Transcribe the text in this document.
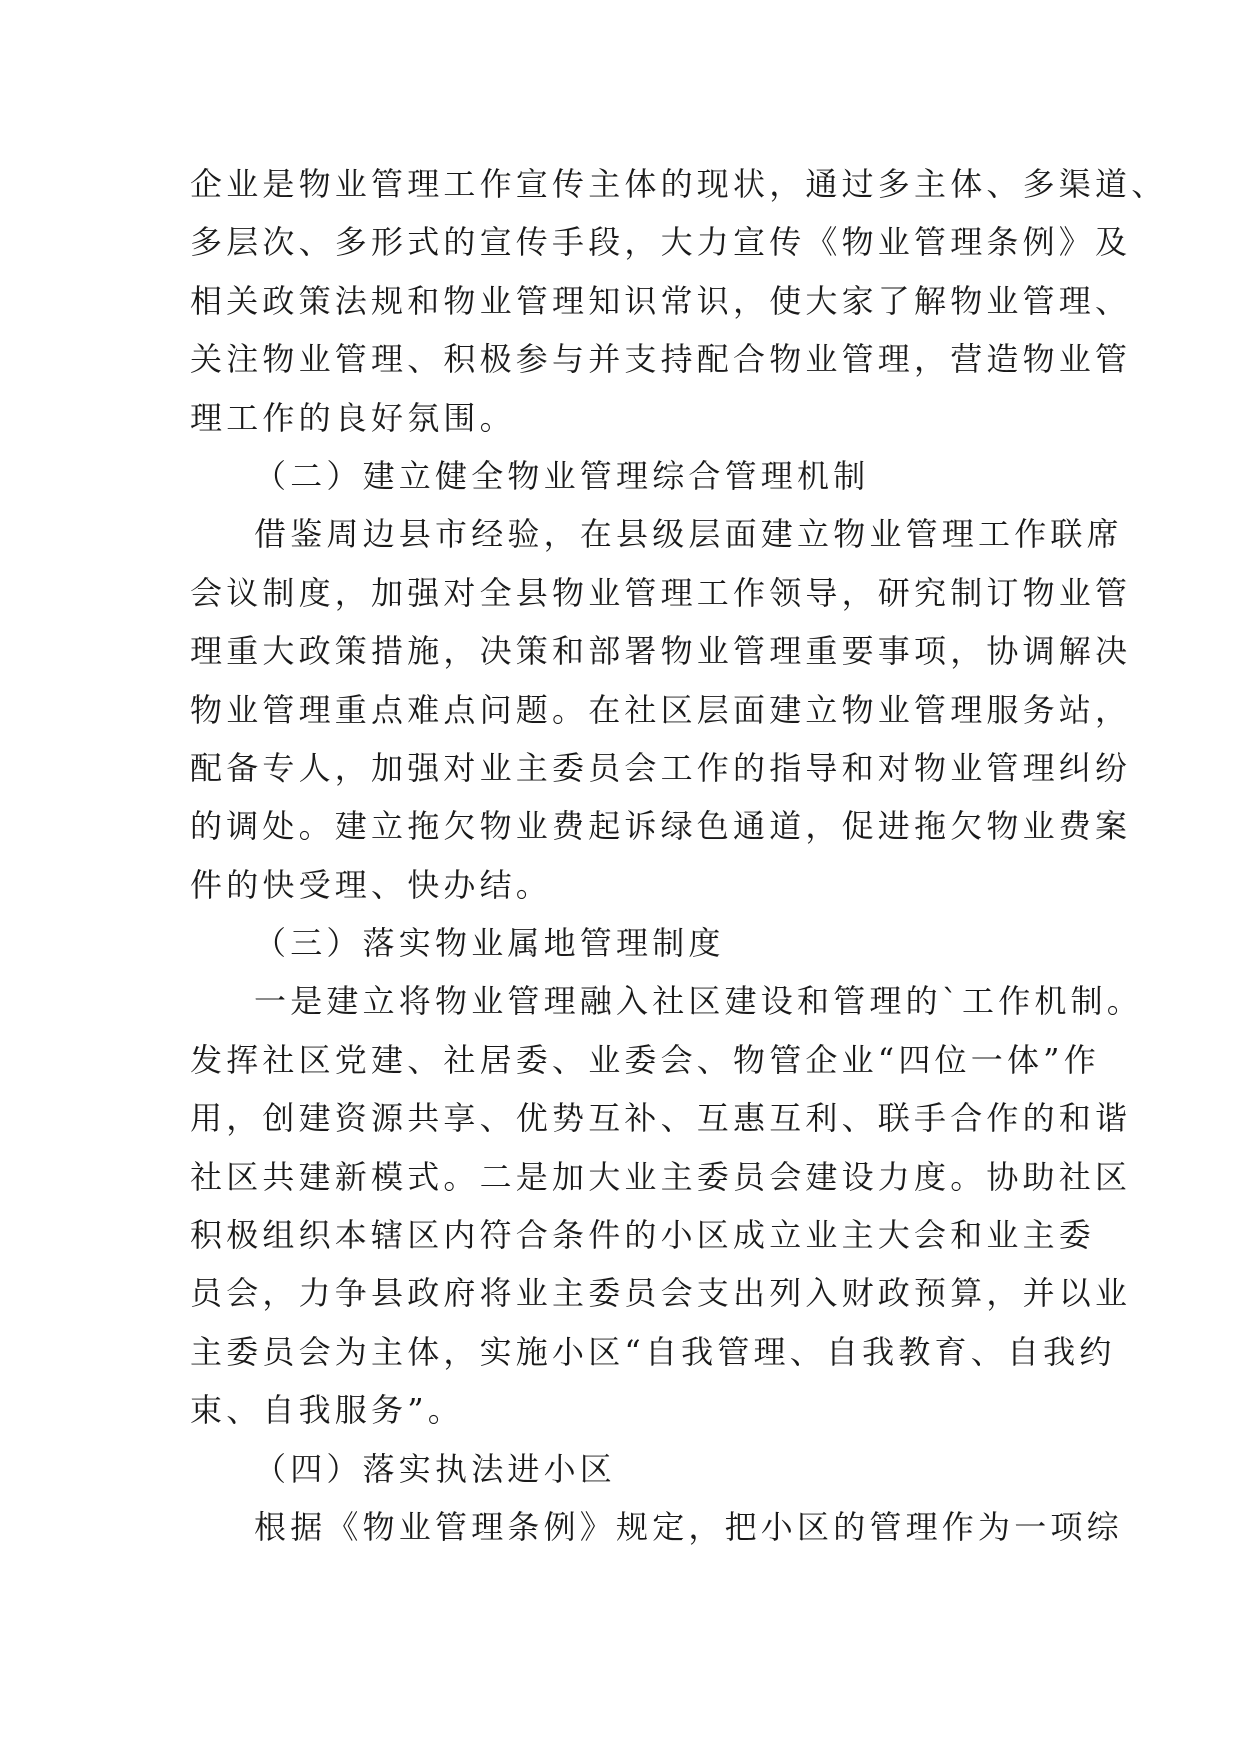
企业是物业管理工作宣传主体的现状，通过多主体、多渠道、
多层次、多形式的宣传手段，大力宣传《物业管理条例》及
相关政策法规和物业管理知识常识，使大家了解物业管理、
关注物业管理、积极参与并支持配合物业管理，营造物业管
理工作的良好氛围。
（二）建立健全物业管理综合管理机制
借鉴周边县市经验，在县级层面建立物业管理工作联席
会议制度，加强对全县物业管理工作领导，研究制订物业管
理重大政策措施，决策和部署物业管理重要事项，协调解决
物业管理重点难点问题。在社区层面建立物业管理服务站，
配备专人，加强对业主委员会工作的指导和对物业管理纠纷
的调处。建立拖欠物业费起诉绿色通道，促进拖欠物业费案
件的快受理、快办结。
（三）落实物业属地管理制度
一是建立将物业管理融入社区建设和管理的`工作机制。
发挥社区党建、社居委、业委会、物管企业“四位一体”作
用，创建资源共享、优势互补、互惠互利、联手合作的和谐
社区共建新模式。二是加大业主委员会建设力度。协助社区
积极组织本辖区内符合条件的小区成立业主大会和业主委
员会，力争县政府将业主委员会支出列入财政预算，并以业
主委员会为主体，实施小区“自我管理、自我教育、自我约
束、自我服务”。
（四）落实执法进小区
根据《物业管理条例》规定，把小区的管理作为一项综
